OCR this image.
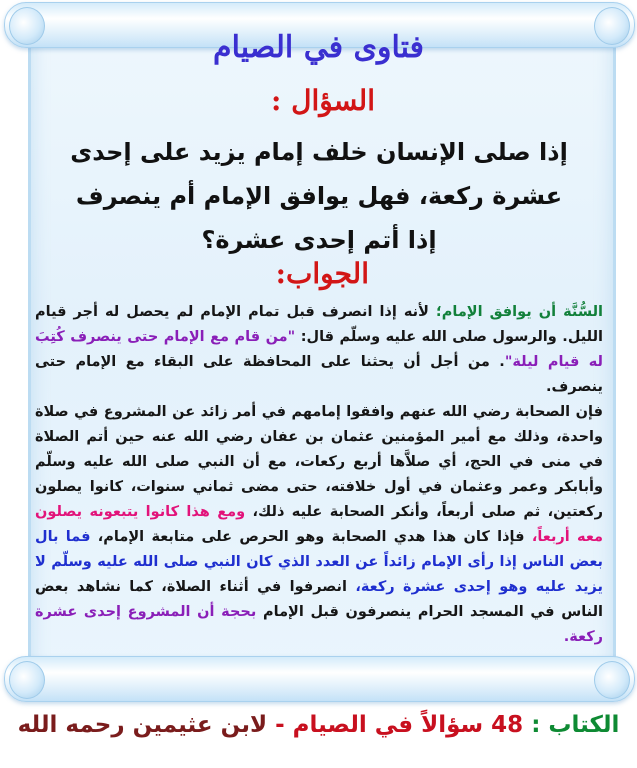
فتاوى في الصيام
السؤال :
إذا صلى الإنسان خلف إمام يزيد على إحدى عشرة ركعة، فهل يوافق الإمام أم ينصرف إذا أتم إحدى عشرة؟
الجواب:

السُّنَّة أن يوافق الإمام؛ لأنه إذا انصرف قبل تمام الإمام لم يحصل له أجر قيام الليل. والرسول صلى الله عليه وسلّم قال: "من قام مع الإمام حتى ينصرف كُتِبَ له قيام ليلة". من أجل أن يحثنا على المحافظة على البقاء مع الإمام حتى ينصرف.

فإن الصحابة رضي الله عنهم وافقوا إمامهم في أمر زائد عن المشروع في صلاة واحدة، وذلك مع أمير المؤمنين عثمان بن عفان رضي الله عنه حين أتم الصلاة في منى في الحج، أي صلاَّها أربع ركعات، مع أن النبي صلى الله عليه وسلّم وأبابكر وعمر وعثمان في أول خلافته، حتى مضى ثماني سنوات، كانوا يصلون ركعتين، ثم صلى أربعاً، وأنكر الصحابة عليه ذلك، ومع هذا كانوا يتبعونه يصلون معه أربعاً، فإذا كان هذا هدي الصحابة وهو الحرص على متابعة الإمام، فما بال بعض الناس إذا رأى الإمام زائداً عن العدد الذي كان النبي صلى الله عليه وسلّم لا يزيد عليه وهو إحدى عشرة ركعة، انصرفوا في أثناء الصلاة، كما نشاهد بعض الناس في المسجد الحرام ينصرفون قبل الإمام بحجة أن المشروع إحدى عشرة ركعة.

الكتاب : 48 سؤالاً في الصيام - لابن عثيمين رحمه الله
